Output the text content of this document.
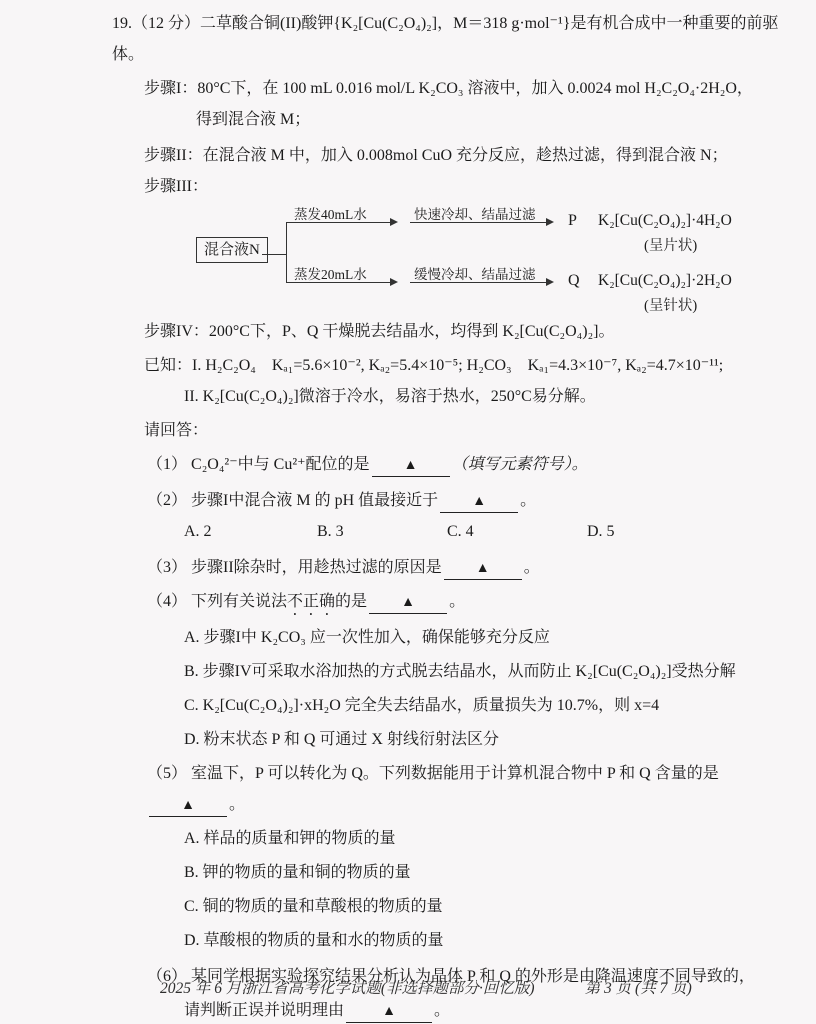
19.（12 分）二草酸合铜(II)酸钾{K₂[Cu(C₂O₄)₂]，M＝318 g·mol⁻¹}是有机合成中一种重要的前驱体。

步骤I：80°C下，在 100 mL 0.016 mol/L K₂CO₃ 溶液中，加入 0.0024 mol H₂C₂O₄·2H₂O，

得到混合液 M；

步骤II：在混合液 M 中，加入 0.008mol CuO 充分反应，趁热过滤，得到混合液 N；

步骤III：

混合液N
蒸发40mL水	快速冷却、结晶过滤 P K₂[Cu(C₂O₄)₂]·4H₂O
(呈片状)
蒸发20mL水	缓慢冷却、结晶过滤 Q K₂[Cu(C₂O₄)₂]·2H₂O
(呈针状)

步骤IV：200°C下，P、Q 干燥脱去结晶水，均得到 K₂[Cu(C₂O₄)₂]。

已知：I. H₂C₂O₄　Kₐ₁=5.6×10⁻², Kₐ₂=5.4×10⁻⁵; H₂CO₃　Kₐ₁=4.3×10⁻⁷, Kₐ₂=4.7×10⁻¹¹;

II. K₂[Cu(C₂O₄)₂]微溶于冷水，易溶于热水，250°C易分解。

请回答：

（1） C₂O₄²⁻中与 Cu²⁺配位的是 ▲ （填写元素符号）。

（2） 步骤I中混合液 M 的 pH 值最接近于 ▲ 。

A. 2	B. 3	C. 4	D. 5

（3） 步骤II除杂时，用趁热过滤的原因是 ▲ 。

（4） 下列有关说法不正确的是 ▲ 。

A. 步骤I中 K₂CO₃ 应一次性加入，确保能够充分反应

B. 步骤IV可采取水浴加热的方式脱去结晶水，从而防止 K₂[Cu(C₂O₄)₂]受热分解

C. K₂[Cu(C₂O₄)₂]·xH₂O 完全失去结晶水，质量损失为 10.7%，则 x=4

D. 粉末状态 P 和 Q 可通过 X 射线衍射法区分

（5） 室温下，P 可以转化为 Q。下列数据能用于计算机混合物中 P 和 Q 含量的是▲ 。

A. 样品的质量和钾的物质的量

B. 钾的物质的量和铜的物质的量

C. 铜的物质的量和草酸根的物质的量

D. 草酸根的物质的量和水的物质的量

（6） 某同学根据实验探究结果分析认为晶体 P 和 Q 的外形是由降温速度不同导致的，

请判断正误并说明理由	▲ 。

2025 年 6 月浙江省高考化学试题(非选择题部分·回忆版)	第 3 页 (共 7 页)
